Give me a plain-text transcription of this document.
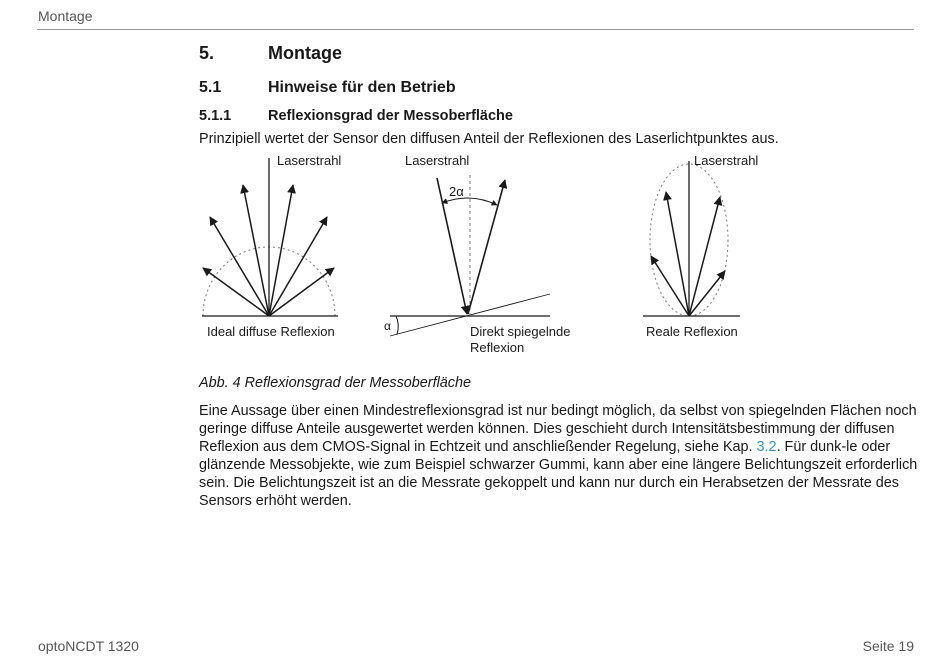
Montage
5.	Montage
5.1	Hinweise für den Betrieb
5.1.1	Reflexionsgrad der Messoberfläche
Prinzipiell wertet der Sensor den diffusen Anteil der Reflexionen des Laserlichtpunktes aus.
Laserstrahl
Ideal diffuse Reflexion
Laserstrahl
2α
α	Direkt spiegelnde
Reflexion
Laserstrahl
Reale Reflexion
Abb. 4 Reflexionsgrad der Messoberfläche
Eine Aussage über einen Mindestreflexionsgrad ist nur bedingt möglich, da selbst von spiegelnden Flächen noch geringe diffuse Anteile ausgewertet werden können. Dies geschieht durch Intensitätsbestimmung der diffusen Reflexion aus dem CMOS-Signal in Echtzeit und anschließender Regelung, siehe Kap. 3.2. Für dunk-le oder glänzende Messobjekte, wie zum Beispiel schwarzer Gummi, kann aber eine längere Belichtungszeit erforderlich sein. Die Belichtungszeit ist an die Messrate gekoppelt und kann nur durch ein Herabsetzen der Messrate des Sensors erhöht werden.
optoNCDT 1320	Seite 19
